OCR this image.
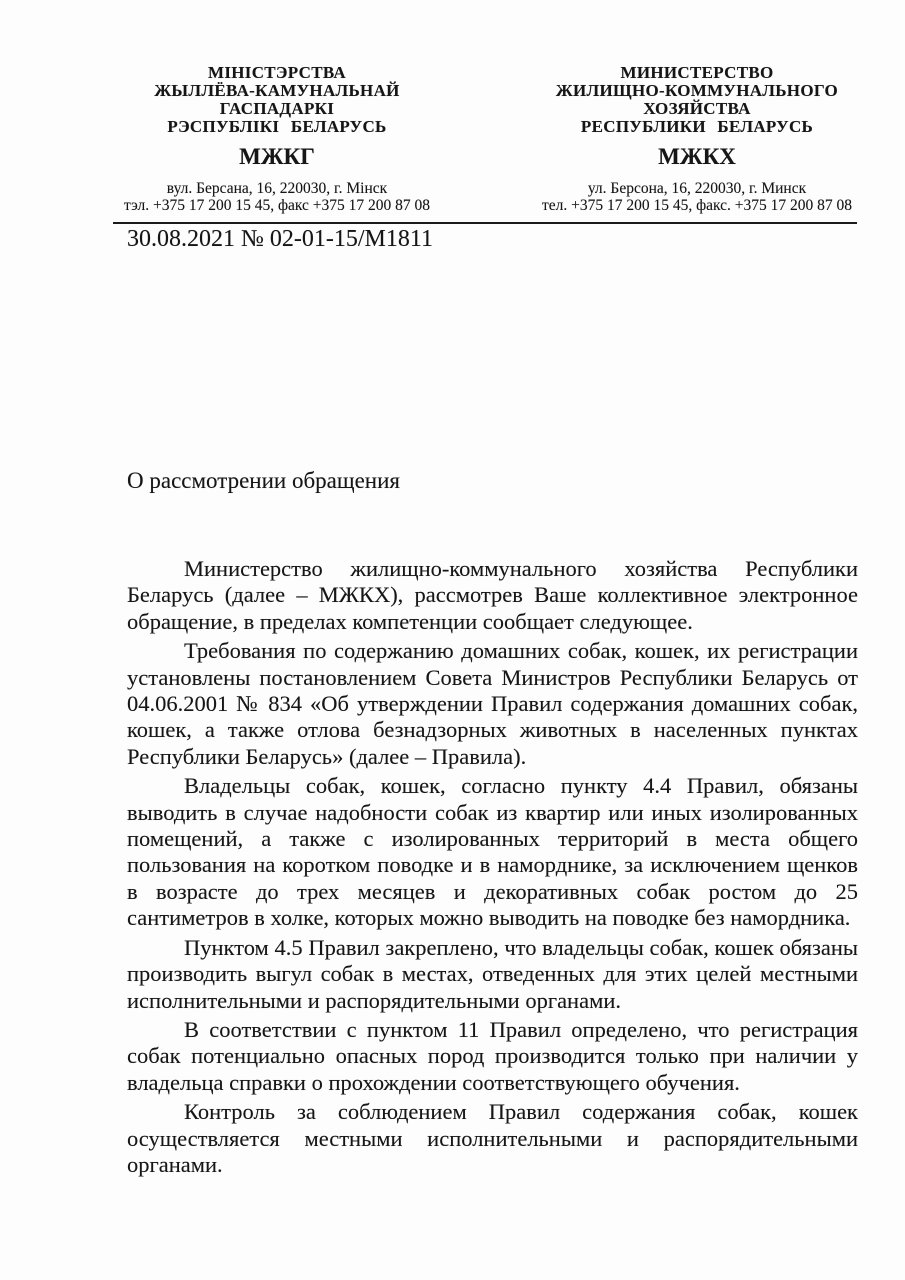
МІНІСТЭРСТВА
ЖЫЛЛЁВА-КАМУНАЛЬНАЙ
ГАСПАДАРКІ
РЭСПУБЛІКІ БЕЛАРУСЬ
МЖКГ
вул. Берсана, 16, 220030, г. Мінск
тэл. +375 17 200 15 45, факс +375 17 200 87 08
МИНИСТЕРСТВО
ЖИЛИЩНО-КОММУНАЛЬНОГО
ХОЗЯЙСТВА
РЕСПУБЛИКИ БЕЛАРУСЬ
МЖКХ
ул. Берсона, 16, 220030, г. Минск
тел. +375 17 200 15 45, факс. +375 17 200 87 08
30.08.2021 № 02-01-15/М1811
О рассмотрении обращения

Министерство жилищно-коммунального хозяйства Республики Беларусь (далее – МЖКХ), рассмотрев Ваше коллективное электронное обращение, в пределах компетенции сообщает следующее.

Требования по содержанию домашних собак, кошек, их регистрации установлены постановлением Совета Министров Республики Беларусь от 04.06.2001 № 834 «Об утверждении Правил содержания домашних собак, кошек, а также отлова безнадзорных животных в населенных пунктах Республики Беларусь» (далее – Правила).

Владельцы собак, кошек, согласно пункту 4.4 Правил, обязаны выводить в случае надобности собак из квартир или иных изолированных помещений, а также с изолированных территорий в места общего пользования на коротком поводке и в наморднике, за исключением щенков в возрасте до трех месяцев и декоративных собак ростом до 25 сантиметров в холке, которых можно выводить на поводке без намордника.

Пунктом 4.5 Правил закреплено, что владельцы собак, кошек обязаны производить выгул собак в местах, отведенных для этих целей местными исполнительными и распорядительными органами.

В соответствии с пунктом 11 Правил определено, что регистрация собак потенциально опасных пород производится только при наличии у владельца справки о прохождении соответствующего обучения.

Контроль за соблюдением Правил содержания собак, кошек осуществляется местными исполнительными и распорядительными органами.
